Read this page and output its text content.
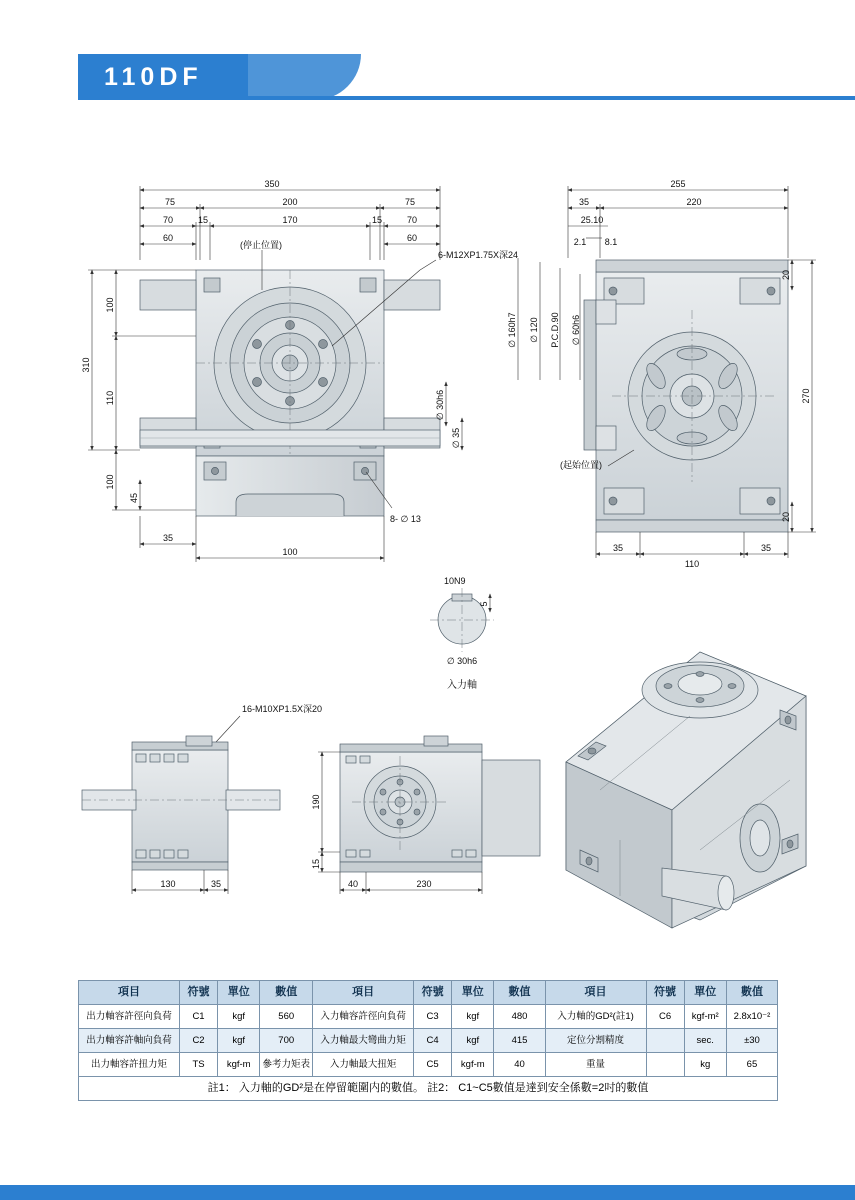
110DF
350
200
75	75
70	15	170	15	70
60	60
310
100
110
100
45
35
100
(停止位置)
6-M12XP1.75X深24
8- ∅ 13
∅ 30h6
∅ 35
255
220
35
25.10
2.1 8.1
∅ 160h7 ∅ 120 P.C.D.90 ∅ 60h6
(起始位置)
270
20
20
35
110
35
10N9
5
∅ 30h6
入力軸
16-M10XP1.5X深20
130	35
190
15
40	230
項目	符號	單位	數值	項目	符號	單位	數值	項目	符號	單位	數值
出力軸容許徑向負荷	C1	kgf	560	入力軸容許徑向負荷	C3	kgf	480	入力軸的GD²(註1)	C6	kgf-m²	2.8x10⁻²
出力軸容許軸向負荷	C2	kgf	700	入力軸最大彎曲力矩	C4	kgf	415	定位分割精度		sec.	±30
出力軸容許扭力矩	TS	kgf-m	參考力矩表	入力軸最大扭矩	C5	kgf-m	40	重量		kg	65
註1： 入力軸的GD²是在停留範圍内的數值。 註2： C1~C5數值是達到安全係數=2吋的數值											
